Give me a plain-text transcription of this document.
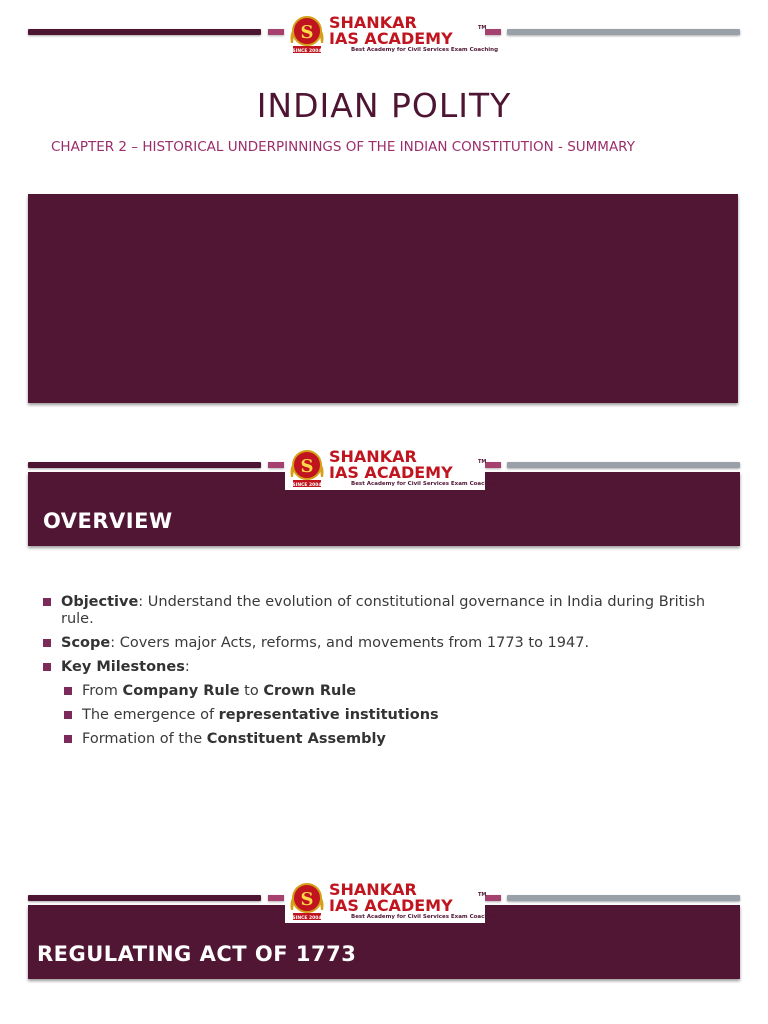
S
SINCE 2004
SHANKAR
IAS ACADEMY
TM
Best Academy for Civil Services Exam Coaching
INDIAN POLITY
CHAPTER 2 – HISTORICAL UNDERPINNINGS OF THE INDIAN CONSTITUTION - SUMMARY
S
SINCE 2004
SHANKAR
IAS ACADEMY
TM
Best Academy for Civil Services Exam Coaching
OVERVIEW
Objective: Understand the evolution of constitutional governance in India during British rule.
Scope: Covers major Acts, reforms, and movements from 1773 to 1947.
Key Milestones:
From Company Rule to Crown Rule
The emergence of representative institutions
Formation of the Constituent Assembly
S
SINCE 2004
SHANKAR
IAS ACADEMY
TM
Best Academy for Civil Services Exam Coaching
REGULATING ACT OF 1773
